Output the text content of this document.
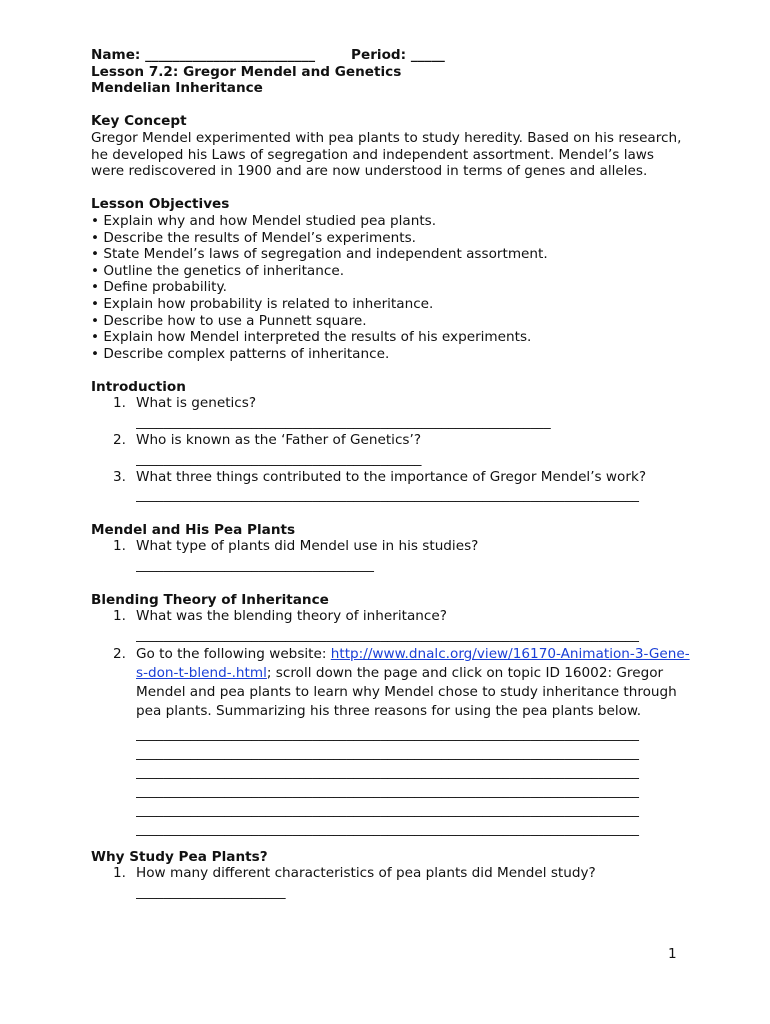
Name: _________________________	Period: _____
Lesson 7.2: Gregor Mendel and Genetics
Mendelian Inheritance
Key Concept

Gregor Mendel experimented with pea plants to study heredity. Based on his research, he developed his Laws of segregation and independent assortment. Mendel’s laws were rediscovered in 1900 and are now understood in terms of genes and alleles.

Lesson Objectives

• Explain why and how Mendel studied pea plants.

• Describe the results of Mendel’s experiments.

• State Mendel’s laws of segregation and independent assortment.

• Outline the genetics of inheritance.

• Define probability.

• Explain how probability is related to inheritance.

• Describe how to use a Punnett square.

• Explain how Mendel interpreted the results of his experiments.

• Describe complex patterns of inheritance.

Introduction
1. What is genetics?
_____________________________________________________________
2. Who is known as the ‘Father of Genetics’?
__________________________________________
3. What three things contributed to the importance of Gregor Mendel’s work?
__________________________________________________________________________
Mendel and His Pea Plants
1. What type of plants did Mendel use in his studies?
___________________________________
Blending Theory of Inheritance
1. What was the blending theory of inheritance?
__________________________________________________________________________
2. Go to the following website: http://www.dnalc.org/view/16170-Animation-3-Gene-s-don-t-blend-.html; scroll down the page and click on topic ID 16002: Gregor Mendel and pea plants to learn why Mendel chose to study inheritance through pea plants. Summarizing his three reasons for using the pea plants below.
__________________________________________________________________________
__________________________________________________________________________
__________________________________________________________________________
__________________________________________________________________________
__________________________________________________________________________
__________________________________________________________________________
Why Study Pea Plants?
1. How many different characteristics of pea plants did Mendel study?
______________________
1
